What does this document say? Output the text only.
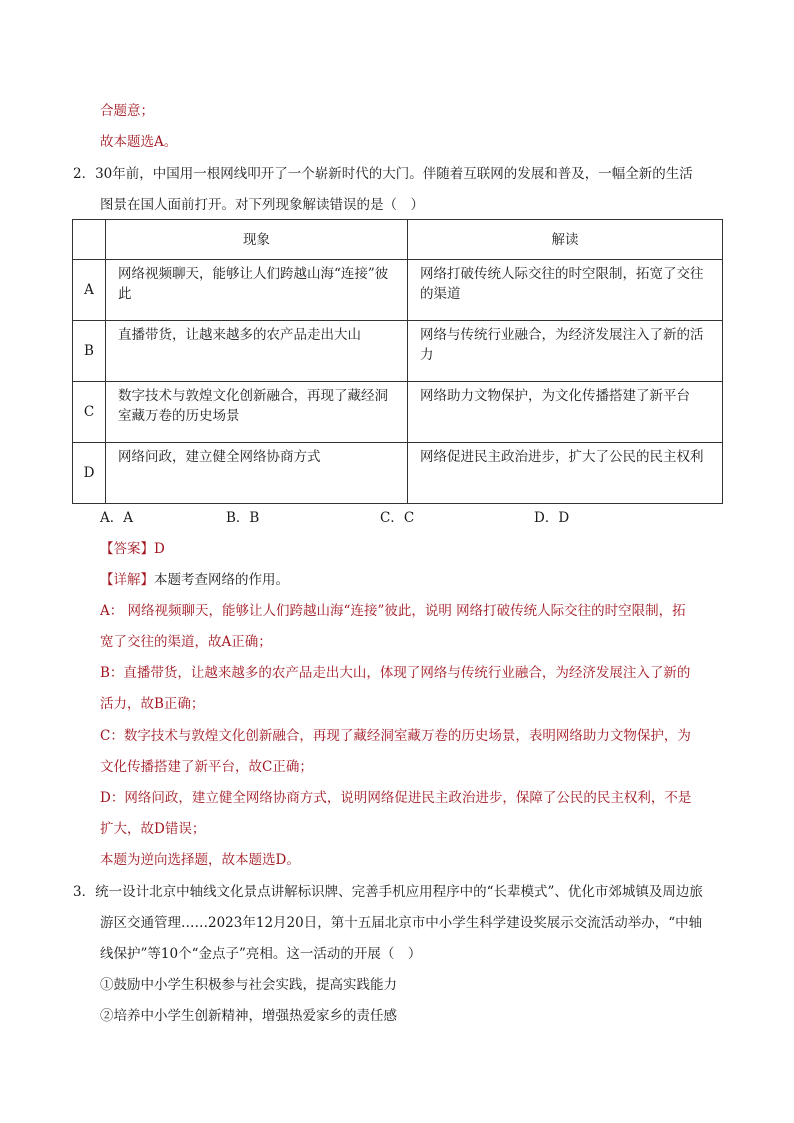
合题意；
故本题选A。
2．30年前，中国用一根网线叩开了一个崭新时代的大门。伴随着互联网的发展和普及，一幅全新的生活
图景在国人面前打开。对下列现象解读错误的是（　）
	现象	解读
A	网络视频聊天，能够让人们跨越山海“连接”彼此	网络打破传统人际交往的时空限制，拓宽了交往的渠道
B	直播带货，让越来越多的农产品走出大山	网络与传统行业融合，为经济发展注入了新的活力
C	数字技术与敦煌文化创新融合，再现了藏经洞室藏万卷的历史场景	网络助力文物保护，为文化传播搭建了新平台
D	网络问政，建立健全网络协商方式	网络促进民主政治进步，扩大了公民的民主权利
A．A	B．B	C．C	D．D
【答案】D
【详解】本题考查网络的作用。
A： 网络视频聊天，能够让人们跨越山海“连接”彼此，说明 网络打破传统人际交往的时空限制，拓
宽了交往的渠道，故A正确；
B：直播带货，让越来越多的农产品走出大山，体现了网络与传统行业融合，为经济发展注入了新的
活力，故B正确；
C：数字技术与敦煌文化创新融合，再现了藏经洞室藏万卷的历史场景，表明网络助力文物保护，为
文化传播搭建了新平台，故C正确；
D：网络问政，建立健全网络协商方式，说明网络促进民主政治进步，保障了公民的民主权利，不是
扩大，故D错误；
本题为逆向选择题，故本题选D。
3．统一设计北京中轴线文化景点讲解标识牌、完善手机应用程序中的“长辈模式”、优化市郊城镇及周边旅
游区交通管理……2023年12月20日，第十五届北京市中小学生科学建设奖展示交流活动举办，“中轴
线保护”等10个“金点子”亮相。这一活动的开展（　）
①鼓励中小学生积极参与社会实践，提高实践能力
②培养中小学生创新精神，增强热爱家乡的责任感
